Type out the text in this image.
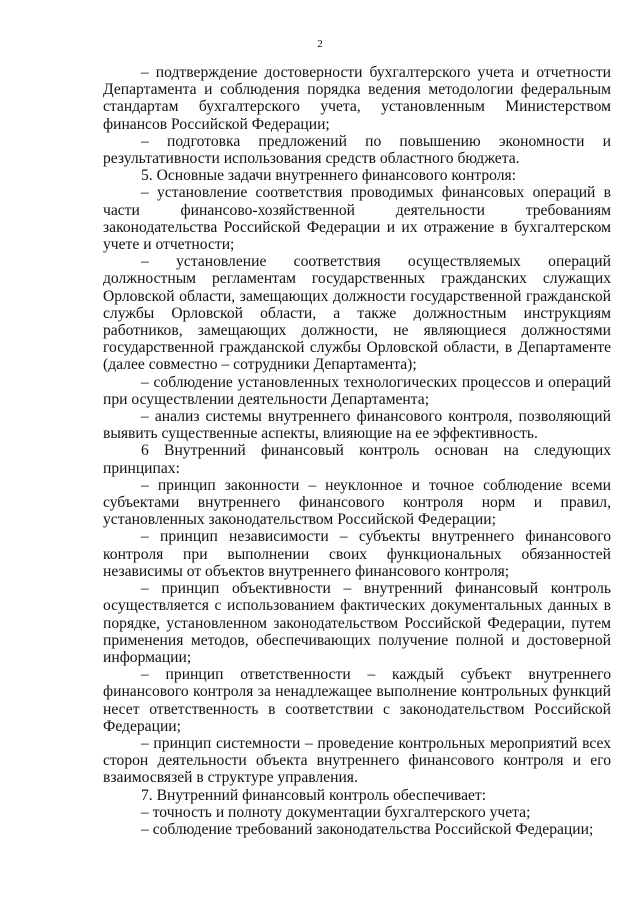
2

– подтверждение достоверности бухгалтерского учета и отчетности Департамента и соблюдения порядка ведения методологии федеральным стандартам бухгалтерского учета, установленным Министерством финансов Российской Федерации;

– подготовка предложений по повышению экономности и результативности использования средств областного бюджета.

5. Основные задачи внутреннего финансового контроля:

– установление соответствия проводимых финансовых операций в части финансово-хозяйственной деятельности требованиям законодательства Российской Федерации и их отражение в бухгалтерском учете и отчетности;

– установление соответствия осуществляемых операций должностным регламентам государственных гражданских служащих Орловской области, замещающих должности государственной гражданской службы Орловской области, а также должностным инструкциям работников, замещающих должности, не являющиеся должностями государственной гражданской службы Орловской области, в Департаменте (далее совместно – сотрудники Департамента);

– соблюдение установленных технологических процессов и операций при осуществлении деятельности Департамента;

– анализ системы внутреннего финансового контроля, позволяющий выявить существенные аспекты, влияющие на ее эффективность.

6 Внутренний финансовый контроль основан на следующих принципах:

– принцип законности – неуклонное и точное соблюдение всеми субъектами внутреннего финансового контроля норм и правил, установленных законодательством Российской Федерации;

– принцип независимости – субъекты внутреннего финансового контроля при выполнении своих функциональных обязанностей независимы от объектов внутреннего финансового контроля;

– принцип объективности – внутренний финансовый контроль осуществляется с использованием фактических документальных данных в порядке, установленном законодательством Российской Федерации, путем применения методов, обеспечивающих получение полной и достоверной информации;

– принцип ответственности – каждый субъект внутреннего финансового контроля за ненадлежащее выполнение контрольных функций несет ответственность в соответствии с законодательством Российской Федерации;

– принцип системности – проведение контрольных мероприятий всех сторон деятельности объекта внутреннего финансового контроля и его взаимосвязей в структуре управления.

7. Внутренний финансовый контроль обеспечивает:

– точность и полноту документации бухгалтерского учета;

– соблюдение требований законодательства Российской Федерации;
